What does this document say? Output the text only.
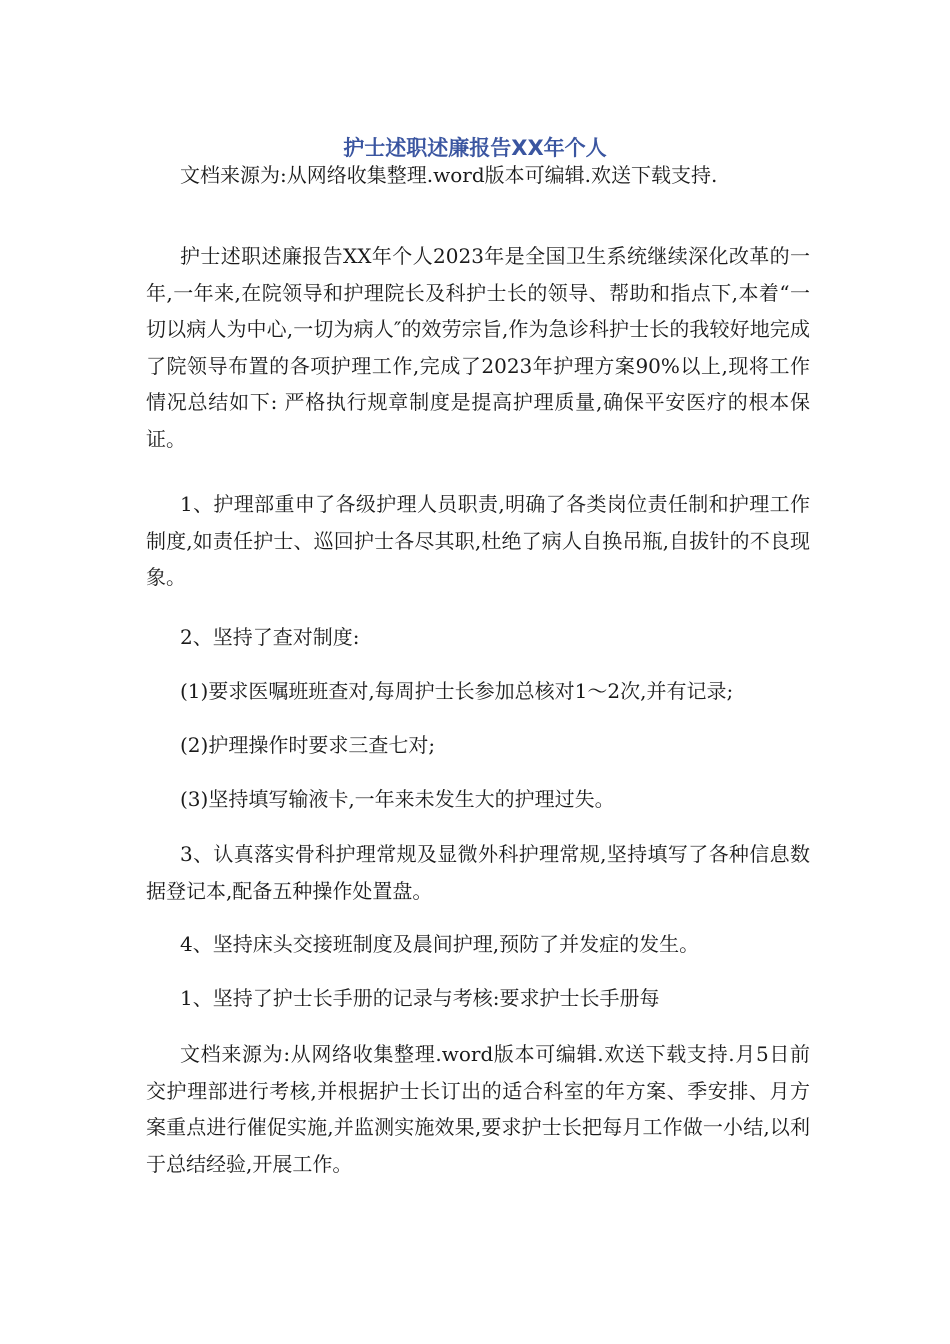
护士述职述廉报告XX年个人

文档来源为:从网络收集整理.word版本可编辑.欢送下载支持.

护士述职述廉报告XX年个人2023年是全国卫生系统继续深化改革的一年,一年来,在院领导和护理院长及科护士长的领导、帮助和指点下,本着“一切以病人为中心,一切为病人″的效劳宗旨,作为急诊科护士长的我较好地完成了院领导布置的各项护理工作,完成了2023年护理方案90%以上,现将工作情况总结如下: 严格执行规章制度是提高护理质量,确保平安医疗的根本保证。

1、护理部重申了各级护理人员职责,明确了各类岗位责任制和护理工作制度,如责任护士、巡回护士各尽其职,杜绝了病人自换吊瓶,自拔针的不良现象。

2、坚持了查对制度:

(1)要求医嘱班班查对,每周护士长参加总核对1～2次,并有记录;

(2)护理操作时要求三查七对;

(3)坚持填写输液卡,一年来未发生大的护理过失。

3、认真落实骨科护理常规及显微外科护理常规,坚持填写了各种信息数据登记本,配备五种操作处置盘。

4、坚持床头交接班制度及晨间护理,预防了并发症的发生。

1、坚持了护士长手册的记录与考核:要求护士长手册每

文档来源为:从网络收集整理.word版本可编辑.欢送下载支持.月5日前交护理部进行考核,并根据护士长订出的适合科室的年方案、季安排、月方案重点进行催促实施,并监测实施效果,要求护士长把每月工作做一小结,以利于总结经验,开展工作。
